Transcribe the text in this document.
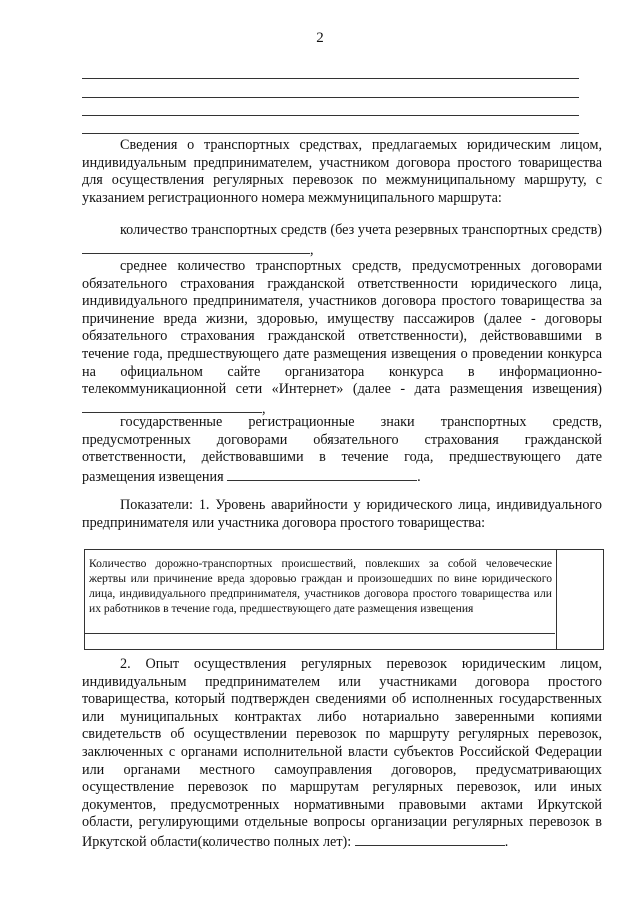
2
Сведения о транспортных средствах, предлагаемых юридическим лицом, индивидуальным предпринимателем, участником договора простого товарищества для осуществления регулярных перевозок по межмуниципальному маршруту, с указанием регистрационного номера межмуниципального маршрута:
количество транспортных средств (без учета резервных транспортных средств) ,
среднее количество транспортных средств, предусмотренных договорами обязательного страхования гражданской ответственности юридического лица, индивидуального предпринимателя, участников договора простого товарищества за причинение вреда жизни, здоровью, имуществу пассажиров (далее - договоры обязательного страхования гражданской ответственности), действовавшими в течение года, предшествующего дате размещения извещения о проведении конкурса на официальном сайте организатора конкурса в информационно-телекоммуникационной сети «Интернет» (далее - дата размещения извещения),
государственные регистрационные знаки транспортных средств, предусмотренных договорами обязательного страхования гражданской ответственности, действовавшими в течение года, предшествующего дате размещения извещения	.
Показатели: 1. Уровень аварийности у юридического лица, индивидуального предпринимателя или участника договора простого товарищества:
Количество дорожно-транспортных происшествий, повлекших за собой человеческие жертвы или причинение вреда здоровью граждан и произошедших по вине юридического лица, индивидуального предпринимателя, участников договора простого товарищества или их работников в течение года, предшествующего дате размещения извещения
2. Опыт осуществления регулярных перевозок юридическим лицом, индивидуальным предпринимателем или участниками договора простого товарищества, который подтвержден сведениями об исполненных государственных или муниципальных контрактах либо нотариально заверенными копиями свидетельств об осуществлении перевозок по маршруту регулярных перевозок, заключенных с органами исполнительной власти субъектов Российской Федерации или органами местного самоуправления договоров, предусматривающих осуществление перевозок по маршрутам регулярных перевозок, или иных документов, предусмотренных нормативными правовыми актами Иркутской области, регулирующими отдельные вопросы организации регулярных перевозок в Иркутской области(количество полных лет):	.
